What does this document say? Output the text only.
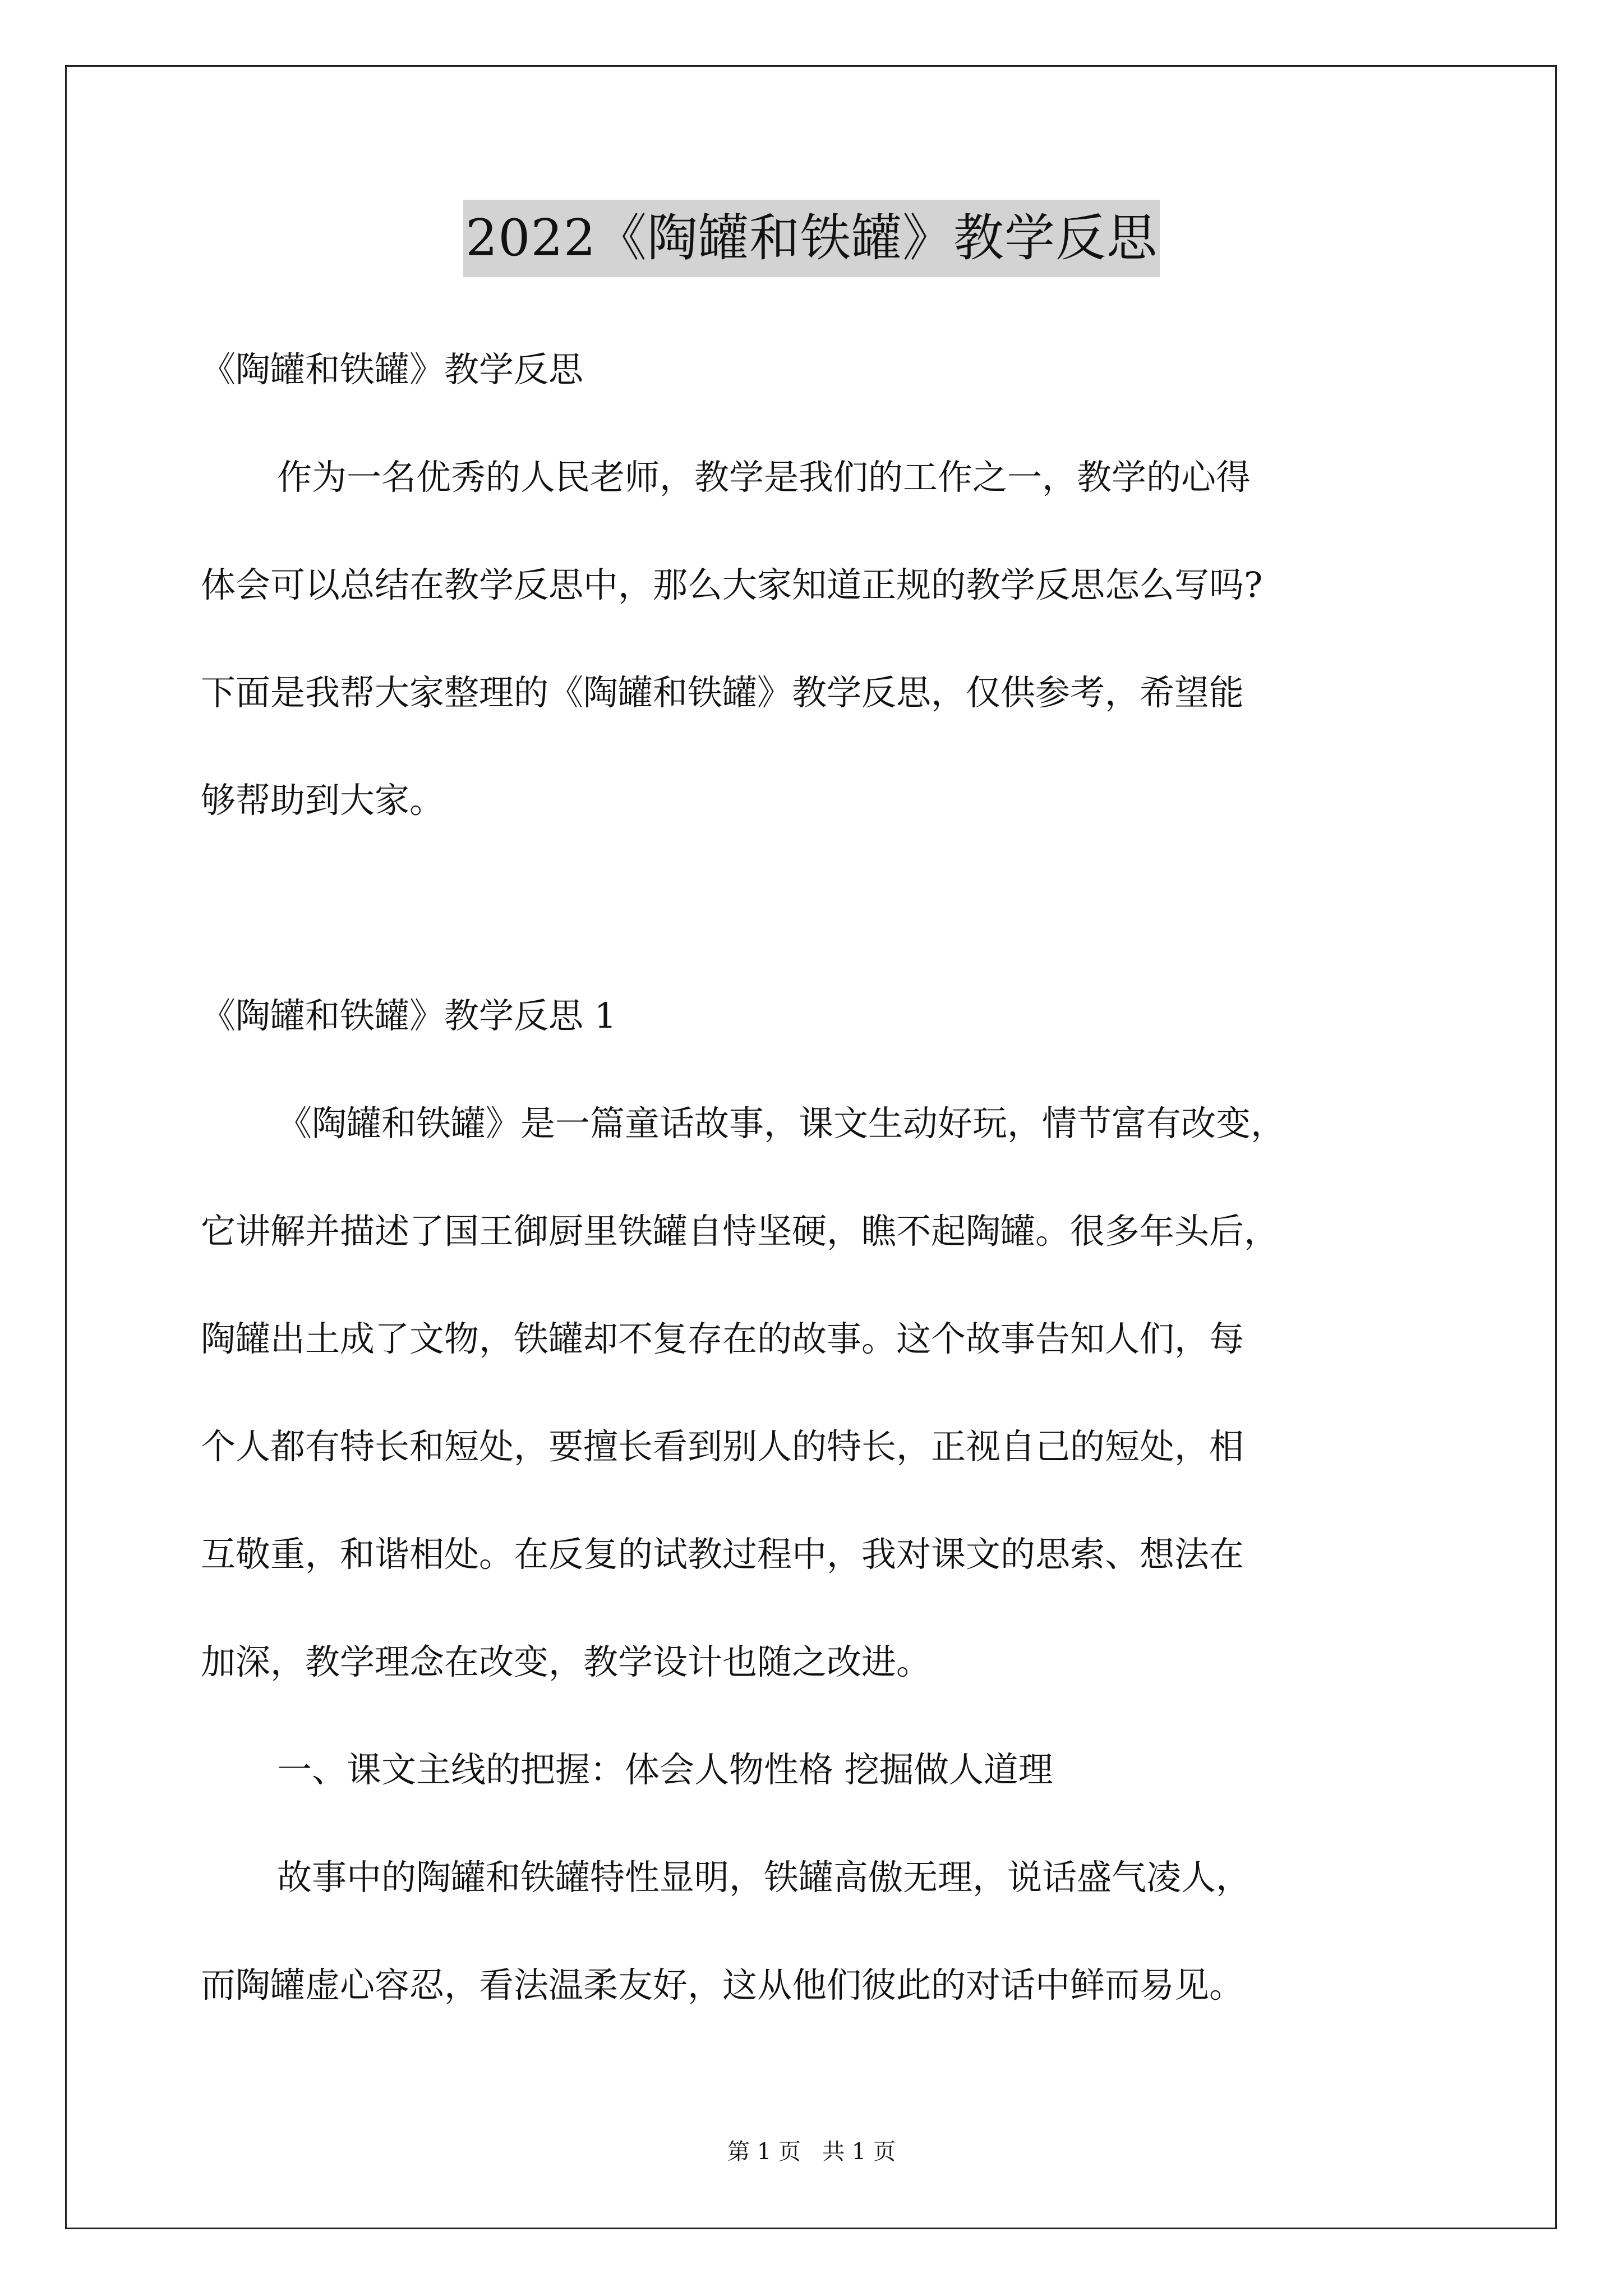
2022《陶罐和铁罐》教学反思
《陶罐和铁罐》教学反思
作为一名优秀的人民老师，教学是我们的工作之一，教学的心得
体会可以总结在教学反思中，那么大家知道正规的教学反思怎么写吗?
下面是我帮大家整理的《陶罐和铁罐》教学反思，仅供参考，希望能
够帮助到大家。
《陶罐和铁罐》教学反思 1
《陶罐和铁罐》是一篇童话故事，课文生动好玩，情节富有改变，
它讲解并描述了国王御厨里铁罐自恃坚硬，瞧不起陶罐。很多年头后，
陶罐出土成了文物，铁罐却不复存在的故事。这个故事告知人们，每
个人都有特长和短处，要擅长看到别人的特长，正视自己的短处，相
互敬重，和谐相处。在反复的试教过程中，我对课文的思索、想法在
加深，教学理念在改变，教学设计也随之改进。
一、课文主线的把握：体会人物性格 挖掘做人道理
故事中的陶罐和铁罐特性显明，铁罐高傲无理，说话盛气凌人，
而陶罐虚心容忍，看法温柔友好，这从他们彼此的对话中鲜而易见。
第 1 页   共 1 页
